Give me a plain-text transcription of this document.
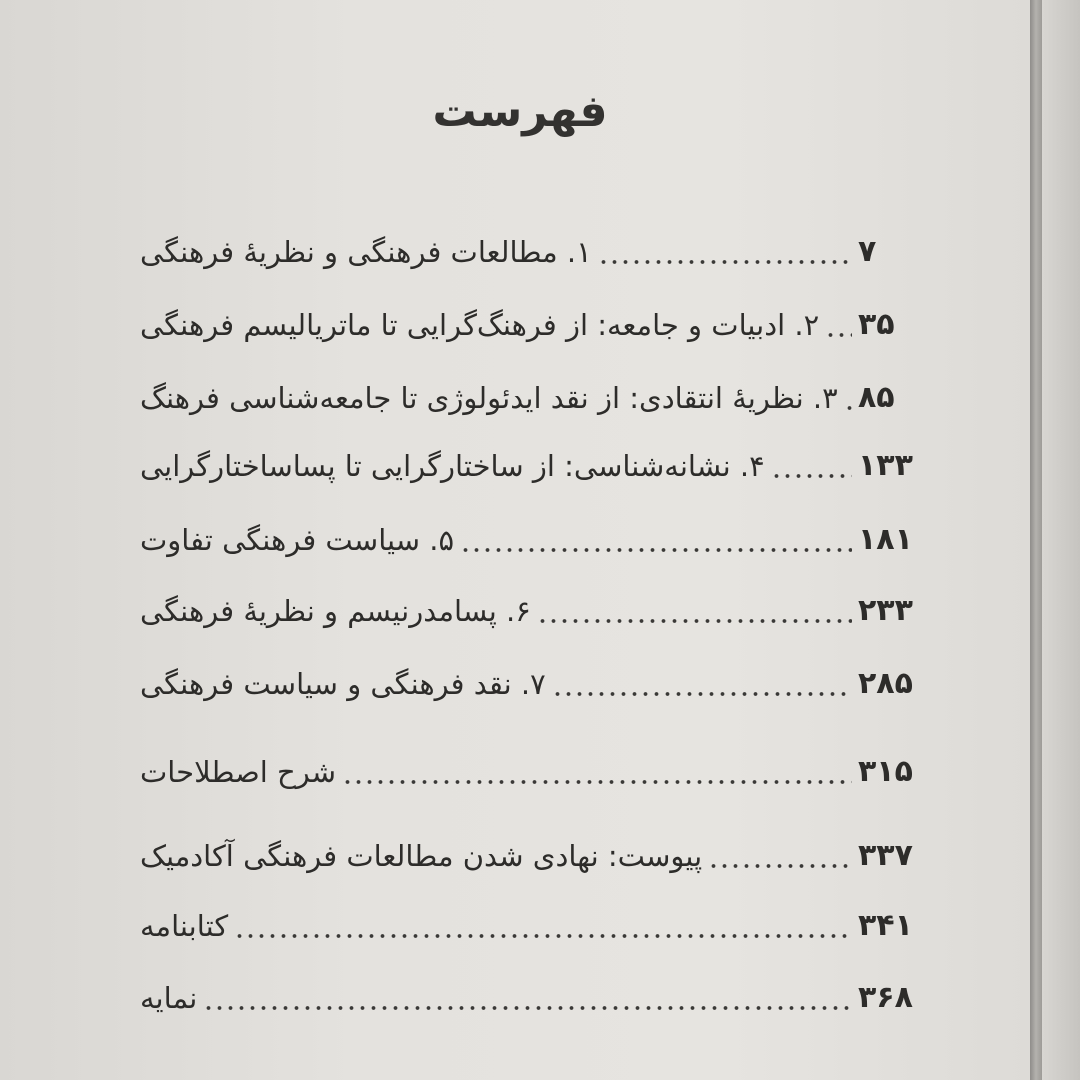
فهرست
۱. مطالعات فرهنگی و نظریهٔ فرهنگی	۷
۲. ادبیات و جامعه: از فرهنگ‌گرایی تا ماتریالیسم فرهنگی ۳۵
۳. نظریهٔ انتقادی: از نقد ایدئولوژی تا جامعه‌شناسی فرهنگ ۸۵
۴. نشانه‌شناسی: از ساختارگرایی تا پساساختارگرایی	۱۳۳
۵. سیاست فرهنگی تفاوت	۱۸۱
۶. پسامدرنیسم و نظریهٔ فرهنگی	۲۳۳
۷. نقد فرهنگی و سیاست فرهنگی	۲۸۵
شرح اصطلاحات	۳۱۵
پیوست: نهادی شدن مطالعات فرهنگی آکادمیک	۳۳۷
کتابنامه	۳۴۱
نمایه	۳۶۸
